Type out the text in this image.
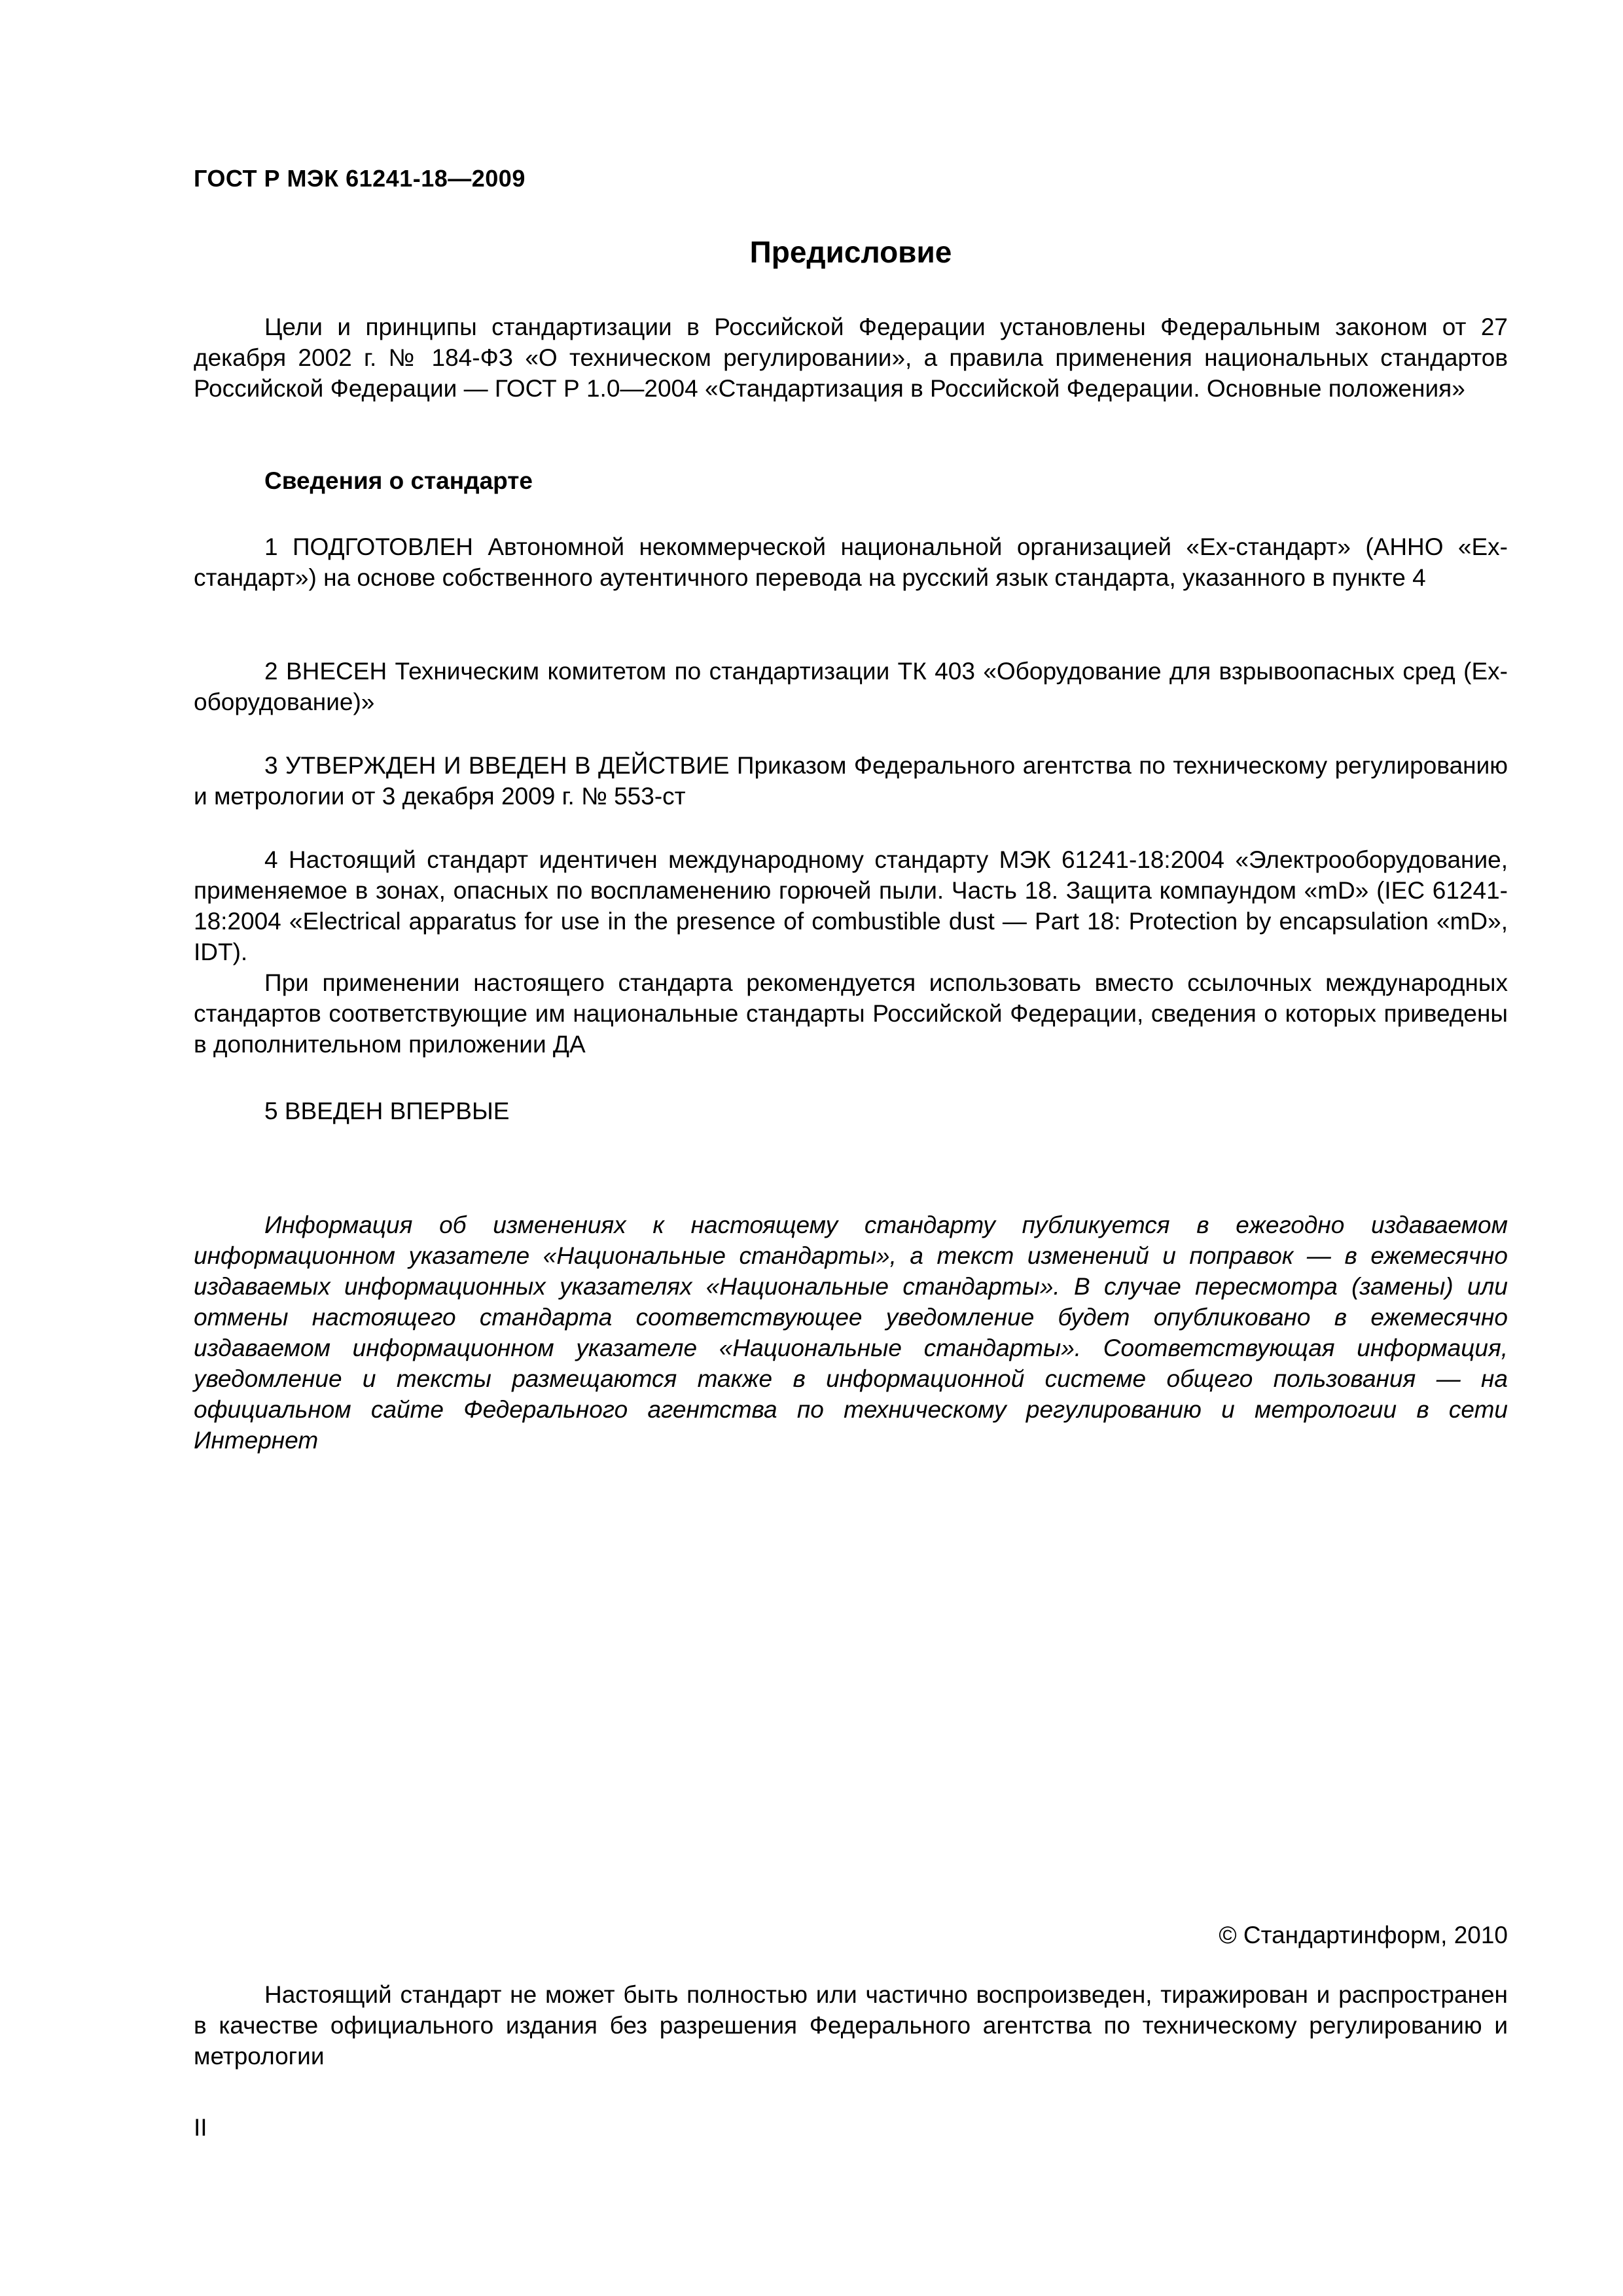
ГОСТ Р МЭК 61241-18—2009
Предисловие

Цели и принципы стандартизации в Российской Федерации установлены Федеральным законом от 27 декабря 2002 г. № 184-ФЗ «О техническом регулировании», а правила применения национальных стандартов Российской Федерации — ГОСТ Р 1.0—2004 «Стандартизация в Российской Федерации. Основные положения»

Сведения о стандарте

1 ПОДГОТОВЛЕН Автономной некоммерческой национальной организацией «Ех-стандарт» (АННО «Ех-стандарт») на основе собственного аутентичного перевода на русский язык стандарта, указанного в пункте 4

2 ВНЕСЕН Техническим комитетом по стандартизации ТК 403 «Оборудование для взрывоопасных сред (Ех-оборудование)»

3 УТВЕРЖДЕН И ВВЕДЕН В ДЕЙСТВИЕ Приказом Федерального агентства по техническому регулированию и метрологии от 3 декабря 2009 г. № 553-ст

4 Настоящий стандарт идентичен международному стандарту МЭК 61241-18:2004 «Электрооборудование, применяемое в зонах, опасных по воспламенению горючей пыли. Часть 18. Защита компаундом «mD» (IEC 61241-18:2004 «Electrical apparatus for use in the presence of combustible dust — Part 18: Protection by encapsulation «mD», IDT).

При применении настоящего стандарта рекомендуется использовать вместо ссылочных международных стандартов соответствующие им национальные стандарты Российской Федерации, сведения о которых приведены в дополнительном приложении ДА

5 ВВЕДЕН ВПЕРВЫЕ

Информация об изменениях к настоящему стандарту публикуется в ежегодно издаваемом информационном указателе «Национальные стандарты», а текст изменений и поправок — в ежемесячно издаваемых информационных указателях «Национальные стандарты». В случае пересмотра (замены) или отмены настоящего стандарта соответствующее уведомление будет опубликовано в ежемесячно издаваемом информационном указателе «Национальные стандарты». Соответствующая информация, уведомление и тексты размещаются также в информационной системе общего пользования — на официальном сайте Федерального агентства по техническому регулированию и метрологии в сети Интернет

© Стандартинформ, 2010

Настоящий стандарт не может быть полностью или частично воспроизведен, тиражирован и распространен в качестве официального издания без разрешения Федерального агентства по техническому регулированию и метрологии

II
